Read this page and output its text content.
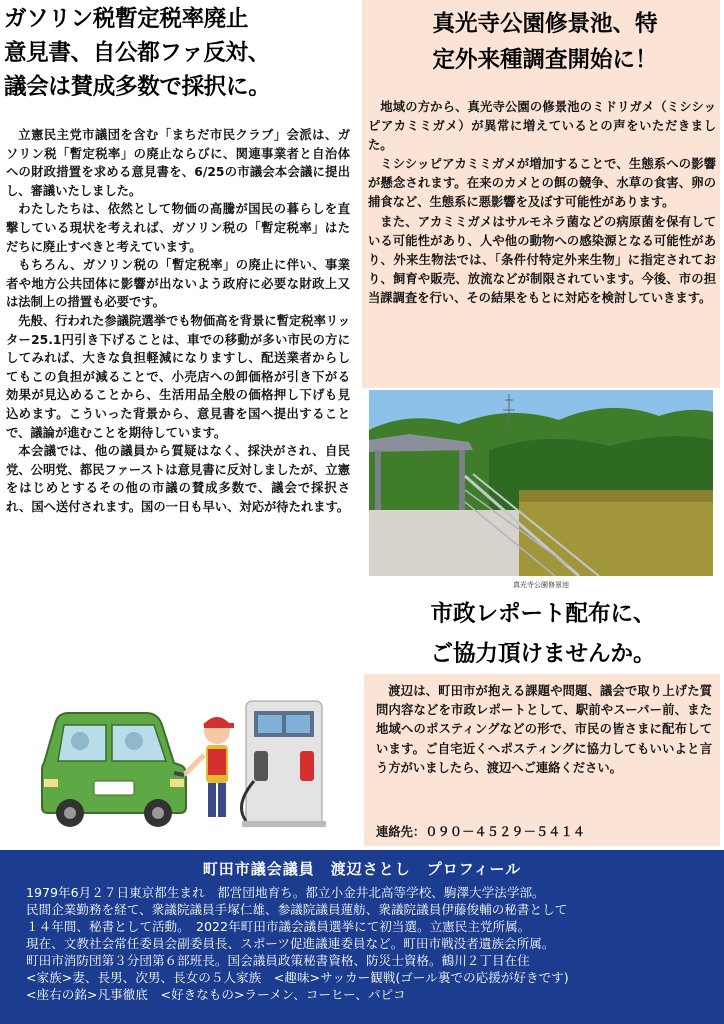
ガソリン税暫定税率廃止
意見書、自公都ファ反対、
議会は賛成多数で採択に。

立憲民主党市議団を含む「まちだ市民クラブ」会派は、ガソリン税「暫定税率」の廃止ならびに、関連事業者と自治体への財政措置を求める意見書を、6/25の市議会本会議に提出し、審議いたしました。

わたしたちは、依然として物価の高騰が国民の暮らしを直撃している現状を考えれば、ガソリン税の「暫定税率」はただちに廃止すべきと考えています。

もちろん、ガソリン税の「暫定税率」の廃止に伴い、事業者や地方公共団体に影響が出ないよう政府に必要な財政上又は法制上の措置も必要です。

先般、行われた参議院選挙でも物価高を背景に暫定税率リッター25.1円引き下げることは、車での移動が多い市民の方にしてみれば、大きな負担軽減になりますし、配送業者からしてもこの負担が減ることで、小売店への卸価格が引き下がる効果が見込めることから、生活用品全般の価格押し下げも見込めます。こういった背景から、意見書を国へ提出することで、議論が進むことを期待しています。

本会議では、他の議員から質疑はなく、採決がされ、自民党、公明党、都民ファーストは意見書に反対しましたが、立憲をはじめとするその他の市議の賛成多数で、議会で採択され、国へ送付されます。国の一日も早い、対応が待たれます。

真光寺公園修景池、特
定外来種調査開始に！

地域の方から、真光寺公園の修景池のミドリガメ（ミシシッピアカミミガメ）が異常に増えているとの声をいただきました。

ミシシッピアカミミガメが増加することで、生態系への影響が懸念されます。在来のカメとの餌の競争、水草の食害、卵の捕食など、生態系に悪影響を及ぼす可能性があります。

また、アカミミガメはサルモネラ菌などの病原菌を保有している可能性があり、人や他の動物への感染源となる可能性があり、外来生物法では、「条件付特定外来生物」に指定されており、飼育や販売、放流などが制限されています。今後、市の担当課調査を行い、その結果をもとに対応を検討していきます。

真光寺公園修景池
市政レポート配布に、
ご協力頂けませんか。

渡辺は、町田市が抱える課題や問題、議会で取り上げた質問内容などを市政レポートとして、駅前やスーパー前、また地域へのポスティングなどの形で、市民の皆さまに配布しています。ご自宅近くへポスティングに協力してもいいよと言う方がいましたら、渡辺へご連絡ください。

連絡先：０９０－４５２９－５４１４
町田市議会議員　渡辺さとし　プロフィール
1979年6月２７日東京都生まれ　都営団地育ち。都立小金井北高等学校、駒澤大学法学部。
民間企業勤務を経て、衆議院議員手塚仁雄、参議院議員蓮舫、衆議院議員伊藤俊輔の秘書として
１４年間、秘書として活動。　2022年町田市議会議員選挙にて初当選。立憲民主党所属。
現在、文教社会常任委員会副委員長、スポーツ促進議連委員など。町田市戦没者遺族会所属。
町田市消防団第３分団第６部班長。国会議員政策秘書資格、防災士資格。鶴川２丁目在住
<家族>妻、長男、次男、長女の５人家族　<趣味>サッカー観戦(ゴール裏での応援が好きです)
<座右の銘>凡事徹底　<好きなもの>ラーメン、コーヒー、パピコ
